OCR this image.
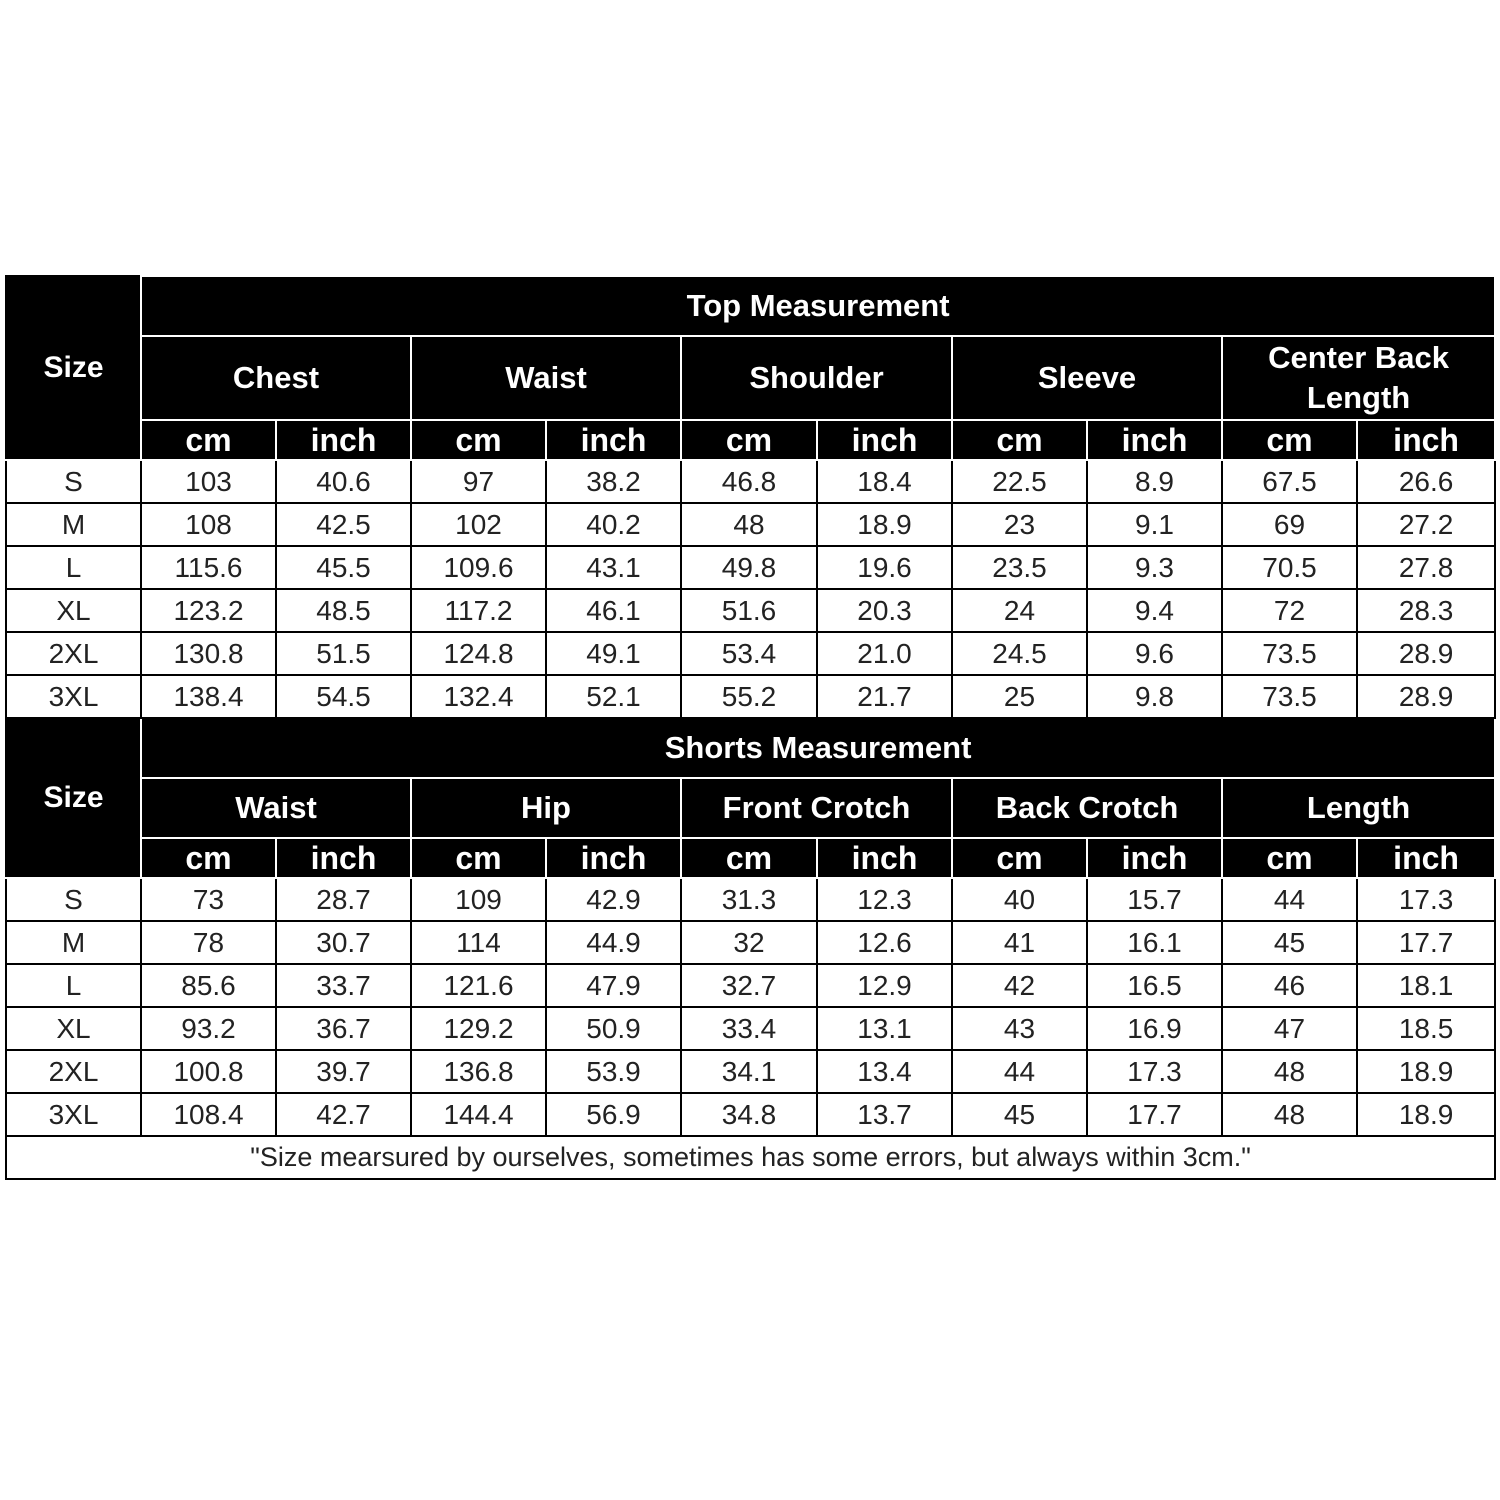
Size	Top Measurement									
	Chest		Waist		Shoulder		Sleeve		Center Back Length	
	cm	inch	cm	inch	cm	inch	cm	inch	cm	inch
S	103	40.6	97	38.2	46.8	18.4	22.5	8.9	67.5	26.6
M	108	42.5	102	40.2	48	18.9	23	9.1	69	27.2
L	115.6	45.5	109.6	43.1	49.8	19.6	23.5	9.3	70.5	27.8
XL	123.2	48.5	117.2	46.1	51.6	20.3	24	9.4	72	28.3
2XL	130.8	51.5	124.8	49.1	53.4	21.0	24.5	9.6	73.5	28.9
3XL	138.4	54.5	132.4	52.1	55.2	21.7	25	9.8	73.5	28.9
Size	Shorts Measurement									
	Waist		Hip		Front Crotch		Back Crotch		Length	
	cm	inch	cm	inch	cm	inch	cm	inch	cm	inch
S	73	28.7	109	42.9	31.3	12.3	40	15.7	44	17.3
M	78	30.7	114	44.9	32	12.6	41	16.1	45	17.7
L	85.6	33.7	121.6	47.9	32.7	12.9	42	16.5	46	18.1
XL	93.2	36.7	129.2	50.9	33.4	13.1	43	16.9	47	18.5
2XL	100.8	39.7	136.8	53.9	34.1	13.4	44	17.3	48	18.9
3XL	108.4	42.7	144.4	56.9	34.8	13.7	45	17.7	48	18.9
"Size mearsured by ourselves, sometimes has some errors, but always within 3cm."										
